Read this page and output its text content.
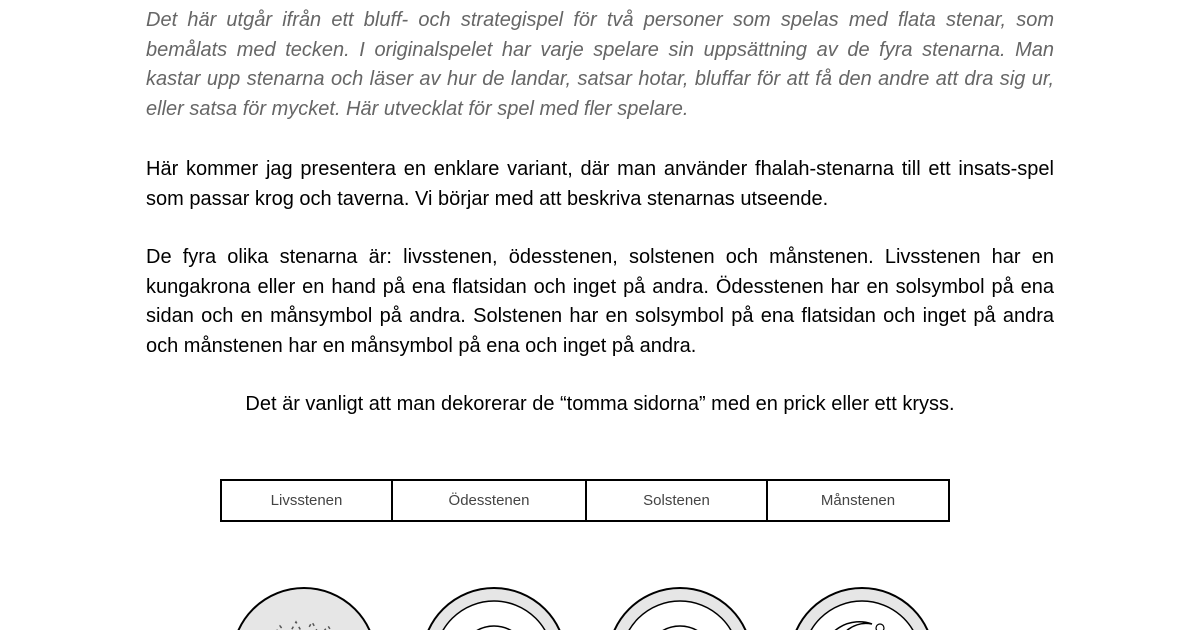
Det här utgår ifrån ett bluff- och strategispel för två personer som spelas med flata stenar, som bemålats med tecken. I originalspelet har varje spelare sin uppsättning av de fyra stenarna. Man kastar upp stenarna och läser av hur de landar, satsar hotar, bluffar för att få den andre att dra sig ur, eller satsa för mycket. Här utvecklat för spel med fler spelare.

Här kommer jag presentera en enklare variant, där man använder fhalah-stenarna till ett insats-spel som passar krog och taverna. Vi börjar med att beskriva stenarnas utseende.

De fyra olika stenarna är: livsstenen, ödesstenen, solstenen och månstenen. Livsstenen har en kungakrona eller en hand på ena flatsidan och inget på andra. Ödesstenen har en solsymbol på ena sidan och en månsymbol på andra. Solstenen har en solsymbol på ena flatsidan och inget på andra och månstenen har en månsymbol på ena och inget på andra.

Det är vanligt att man dekorerar de “tomma sidorna” med en prick eller ett kryss.

Livsstenen	Ödesstenen	Solstenen	Månstenen
